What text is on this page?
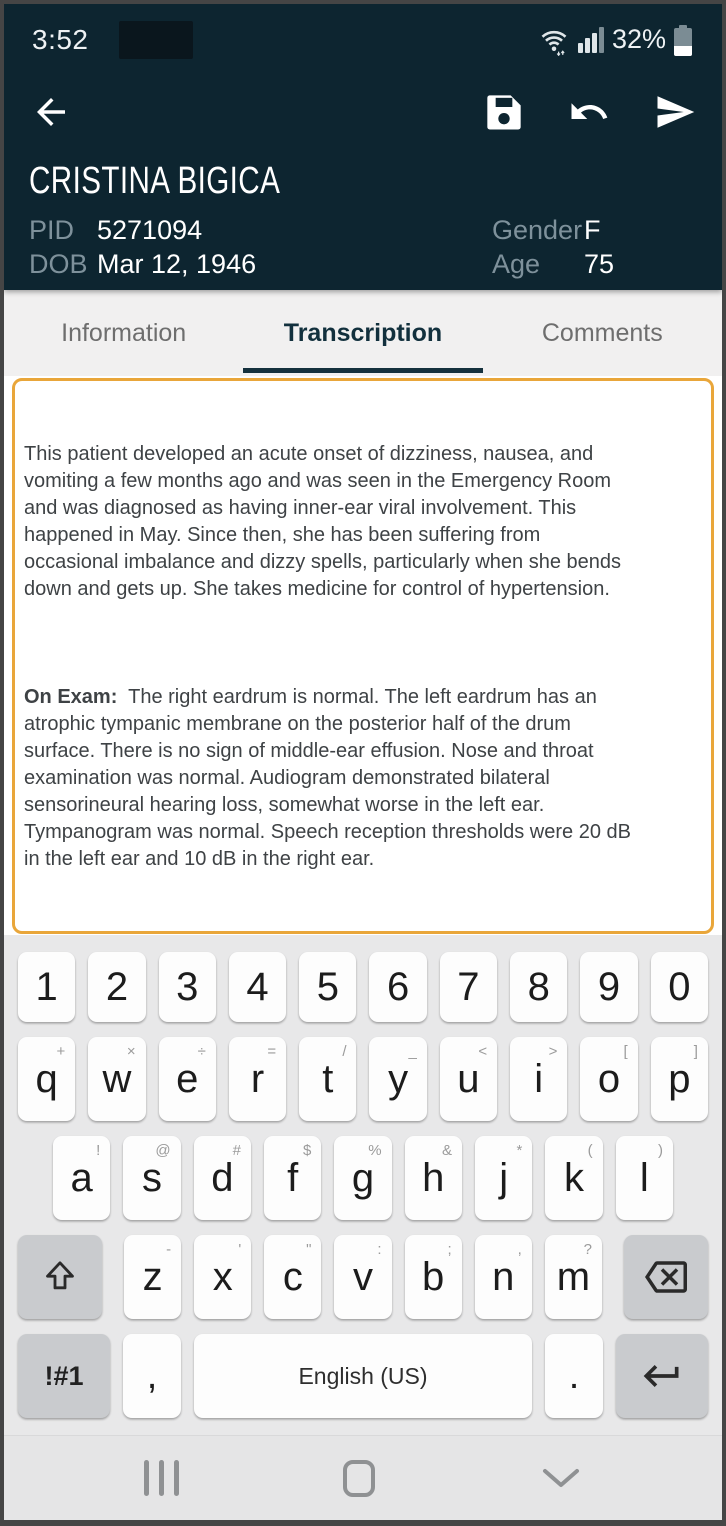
3:52	32%
CRISTINA BIGICA
PID 5271094	Gender F
DOB Mar 12, 1946	Age	75
Information	Transcription	Comments

This patient developed an acute onset of dizziness, nausea, and
vomiting a few months ago and was seen in the Emergency Room
and was diagnosed as having inner-ear viral involvement. This
happened in May. Since then, she has been suffering from
occasional imbalance and dizzy spells, particularly when she bends
down and gets up. She takes medicine for control of hypertension.

On Exam:  The right eardrum is normal. The left eardrum has an
atrophic tympanic membrane on the posterior half of the drum
surface. There is no sign of middle-ear effusion. Nose and throat
examination was normal. Audiogram demonstrated bilateral
sensorineural hearing loss, somewhat worse in the left ear.
Tympanogram was normal. Speech reception thresholds were 20 dB
in the left ear and 10 dB in the right ear.

1 2 3 4 5 6 7 8 9 0
+
q
×
w
÷
e
=
r
/
t
_
y
<
u
>
i
[
o
]
p
!
a
@
s
#
d
$
f
%
g
&
h
*
j
(
k
)
l
-
z
'
x
"
c
:
v
;
b
,
n
?
m
!#1 ,	English (US)	.
